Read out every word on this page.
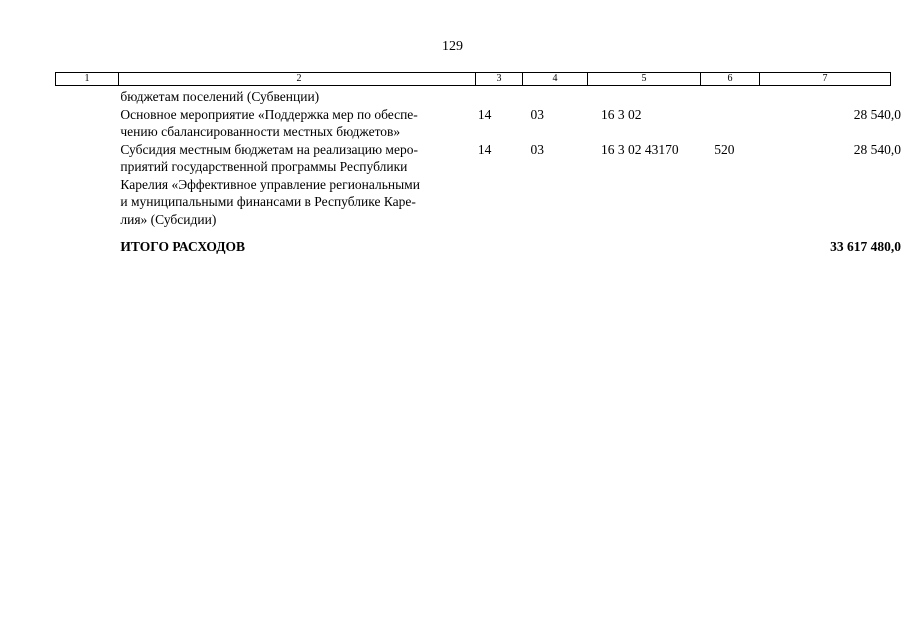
129
1	2	3	4	5	6	7

	бюджетам поселений (Субвенции)					

	Основное мероприятие «Поддержка мер по обеспе-
чению сбалансированности местных бюджетов»	14	03	16 3 02		28 540,0

	Субсидия местным бюджетам на реализацию меро-
приятий государственной программы Республики
Карелия «Эффективное управление региональными
и муниципальными финансами в Республике Каре-
лия» (Субсидии)	14	03	16 3 02 43170	520	28 540,0
	ИТОГО РАСХОДОВ					33 617 480,0
